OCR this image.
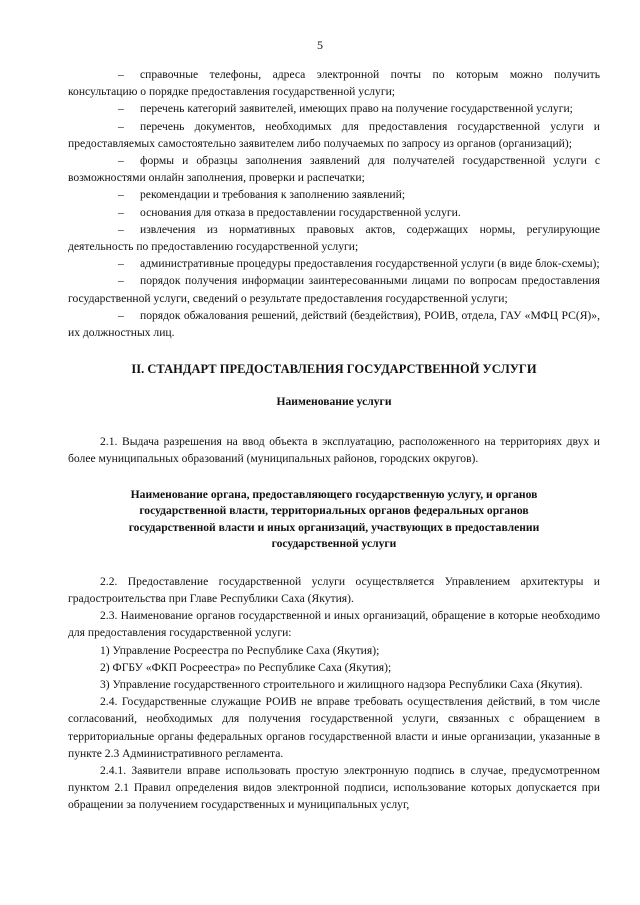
5

– справочные телефоны, адреса электронной почты по которым можно получить консультацию о порядке предоставления государственной услуги;

– перечень категорий заявителей, имеющих право на получение государственной услуги;

– перечень документов, необходимых для предоставления государственной услуги и предоставляемых самостоятельно заявителем либо получаемых по запросу из органов (организаций);

– формы и образцы заполнения заявлений для получателей государственной услуги с возможностями онлайн заполнения, проверки и распечатки;

– рекомендации и требования к заполнению заявлений;

– основания для отказа в предоставлении государственной услуги.

– извлечения из нормативных правовых актов, содержащих нормы, регулирующие деятельность по предоставлению государственной услуги;

– административные процедуры предоставления государственной услуги (в виде блок-схемы);

– порядок получения информации заинтересованными лицами по вопросам предоставления государственной услуги, сведений о результате предоставления государственной услуги;

– порядок обжалования решений, действий (бездействия), РОИВ, отдела, ГАУ «МФЦ РС(Я)», их должностных лиц.

II. СТАНДАРТ ПРЕДОСТАВЛЕНИЯ ГОСУДАРСТВЕННОЙ УСЛУГИ
Наименование услуги

2.1. Выдача разрешения на ввод объекта в эксплуатацию, расположенного на территориях двух и более муниципальных образований (муниципальных районов, городских округов).

Наименование органа, предоставляющего государственную услугу, и органов государственной власти, территориальных органов федеральных органов государственной власти и иных организаций, участвующих в предоставлении государственной услуги

2.2. Предоставление государственной услуги осуществляется Управлением архитектуры и градостроительства при Главе Республики Саха (Якутия).

2.3. Наименование органов государственной и иных организаций, обращение в которые необходимо для предоставления государственной услуги:

1) Управление Росреестра по Республике Саха (Якутия);

2) ФГБУ «ФКП Росреестра» по Республике Саха (Якутия);

3) Управление государственного строительного и жилищного надзора Республики Саха (Якутия).

2.4. Государственные служащие РОИВ не вправе требовать осуществления действий, в том числе согласований, необходимых для получения государственной услуги, связанных с обращением в территориальные органы федеральных органов государственной власти и иные организации, указанные в пункте 2.3 Административного регламента.

2.4.1. Заявители вправе использовать простую электронную подпись в случае, предусмотренном пунктом 2.1 Правил определения видов электронной подписи, использование которых допускается при обращении за получением государственных и муниципальных услуг,
